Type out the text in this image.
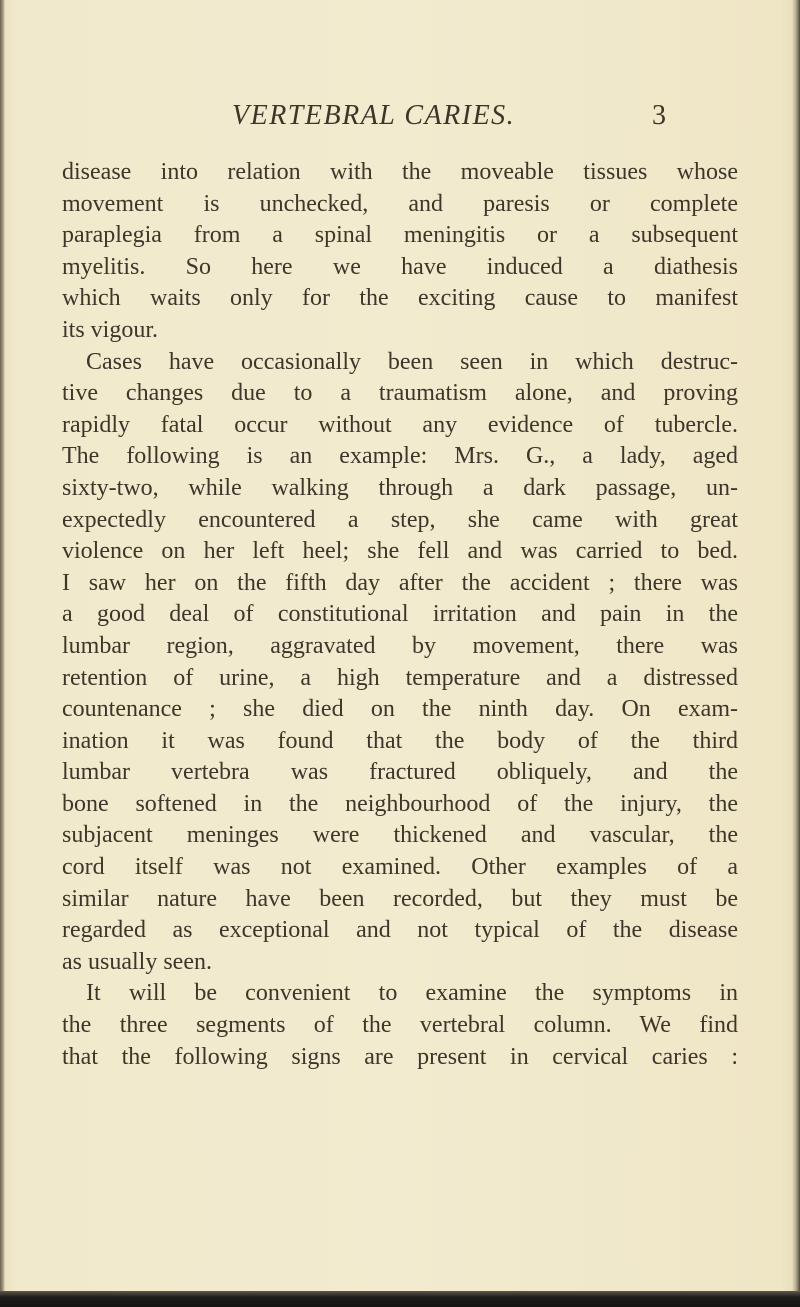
VERTEBRAL CARIES.	3
disease into relation with the moveable tissues whose
movement is unchecked, and paresis or complete
paraplegia from a spinal meningitis or a subsequent
myelitis. So here we have induced a diathesis
which waits only for the exciting cause to manifest
its vigour.
Cases have occasionally been seen in which destruc-
tive changes due to a traumatism alone, and proving
rapidly fatal occur without any evidence of tubercle.
The following is an example: Mrs. G., a lady, aged
sixty-two, while walking through a dark passage, un-
expectedly encountered a step, she came with great
violence on her left heel; she fell and was carried to bed.
I saw her on the fifth day after the accident ; there was
a good deal of constitutional irritation and pain in the
lumbar region, aggravated by movement, there was
retention of urine, a high temperature and a distressed
countenance ; she died on the ninth day. On exam-
ination it was found that the body of the third
lumbar vertebra was fractured obliquely, and the
bone softened in the neighbourhood of the injury, the
subjacent meninges were thickened and vascular, the
cord itself was not examined. Other examples of a
similar nature have been recorded, but they must be
regarded as exceptional and not typical of the disease
as usually seen.
It will be convenient to examine the symptoms in
the three segments of the vertebral column. We find
that the following signs are present in cervical caries :
